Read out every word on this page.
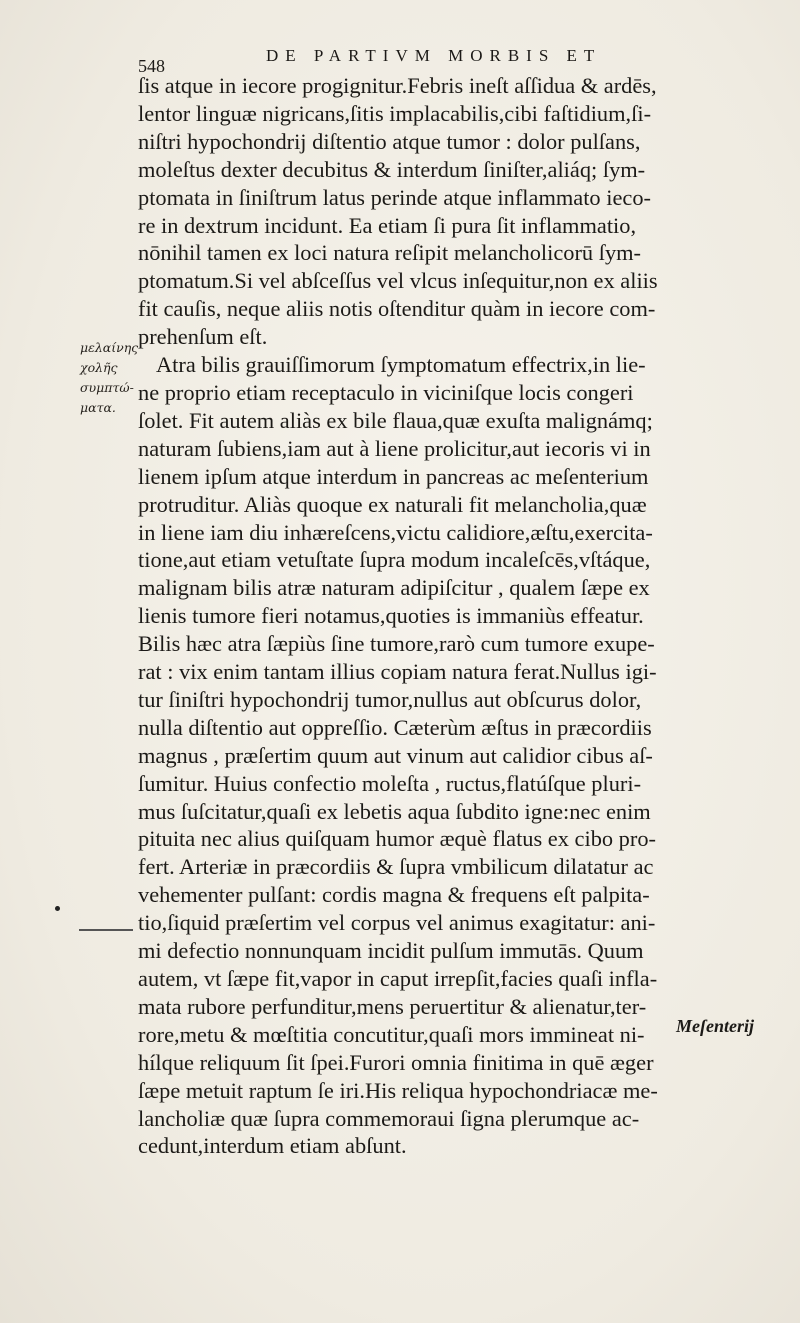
548
DE PARTIVM MORBIS ET
μελαίνης
χολῆς
συμπτώ-
ματα.
ſis atque in iecore progignitur.Febris ineſt aſſidua & ardēs,
lentor linguæ nigricans,ſitis implacabilis,cibi faſtidium,ſi-
niſtri hypochondrij diſtentio atque tumor : dolor pulſans,
moleſtus dexter decubitus & interdum ſiniſter,aliáq; ſym-
ptomata in ſiniſtrum latus perinde atque inflammato ieco-
re in dextrum incidunt. Ea etiam ſi pura ſit inflammatio,
nōnihil tamen ex loci natura reſipit melancholicorū ſym-
ptomatum.Si vel abſceſſus vel vlcus inſequitur,non ex aliis
fit cauſis, neque aliis notis oſtenditur quàm in iecore com-
prehenſum eſt.
Atra bilis grauiſſimorum ſymptomatum effectrix,in lie-
ne proprio etiam receptaculo in viciniſque locis congeri
ſolet. Fit autem aliàs ex bile flaua,quæ exuſta malignámq;
naturam ſubiens,iam aut à liene prolicitur,aut iecoris vi in
lienem ipſum atque interdum in pancreas ac meſenterium
protruditur. Aliàs quoque ex naturali fit melancholia,quæ
in liene iam diu inhæreſcens,victu calidiore,æſtu,exercita-
tione,aut etiam vetuſtate ſupra modum incaleſcēs,vſtáque,
malignam bilis atræ naturam adipiſcitur , qualem ſæpe ex
lienis tumore fieri notamus,quoties is immaniùs effeatur.
Bilis hæc atra ſæpiùs ſine tumore,rarò cum tumore exupe-
rat : vix enim tantam illius copiam natura ferat.Nullus igi-
tur ſiniſtri hypochondrij tumor,nullus aut obſcurus dolor,
nulla diſtentio aut oppreſſio. Cæterùm æſtus in præcordiis
magnus , præſertim quum aut vinum aut calidior cibus aſ-
ſumitur. Huius confectio moleſta , ructus,flatúſque pluri-
mus ſuſcitatur,quaſi ex lebetis aqua ſubdito igne:nec enim
pituita nec alius quiſquam humor æquè flatus ex cibo pro-
fert. Arteriæ in præcordiis & ſupra vmbilicum dilatatur ac
vehementer pulſant: cordis magna & frequens eſt palpita-
tio,ſiquid præſertim vel corpus vel animus exagitatur: ani-
mi defectio nonnunquam incidit pulſum immutās. Quum
autem, vt ſæpe fit,vapor in caput irrepſit,facies quaſi infla-
mata rubore perfunditur,mens peruertitur & alienatur,ter-
rore,metu & mœſtitia concutitur,quaſi mors immineat ni-
hílque reliquum ſit ſpei.Furori omnia finitima in quē æger
ſæpe metuit raptum ſe iri.His reliqua hypochondriacæ me-
lancholiæ quæ ſupra commemoraui ſigna plerumque ac-
cedunt,interdum etiam abſunt.
Meſenterij
